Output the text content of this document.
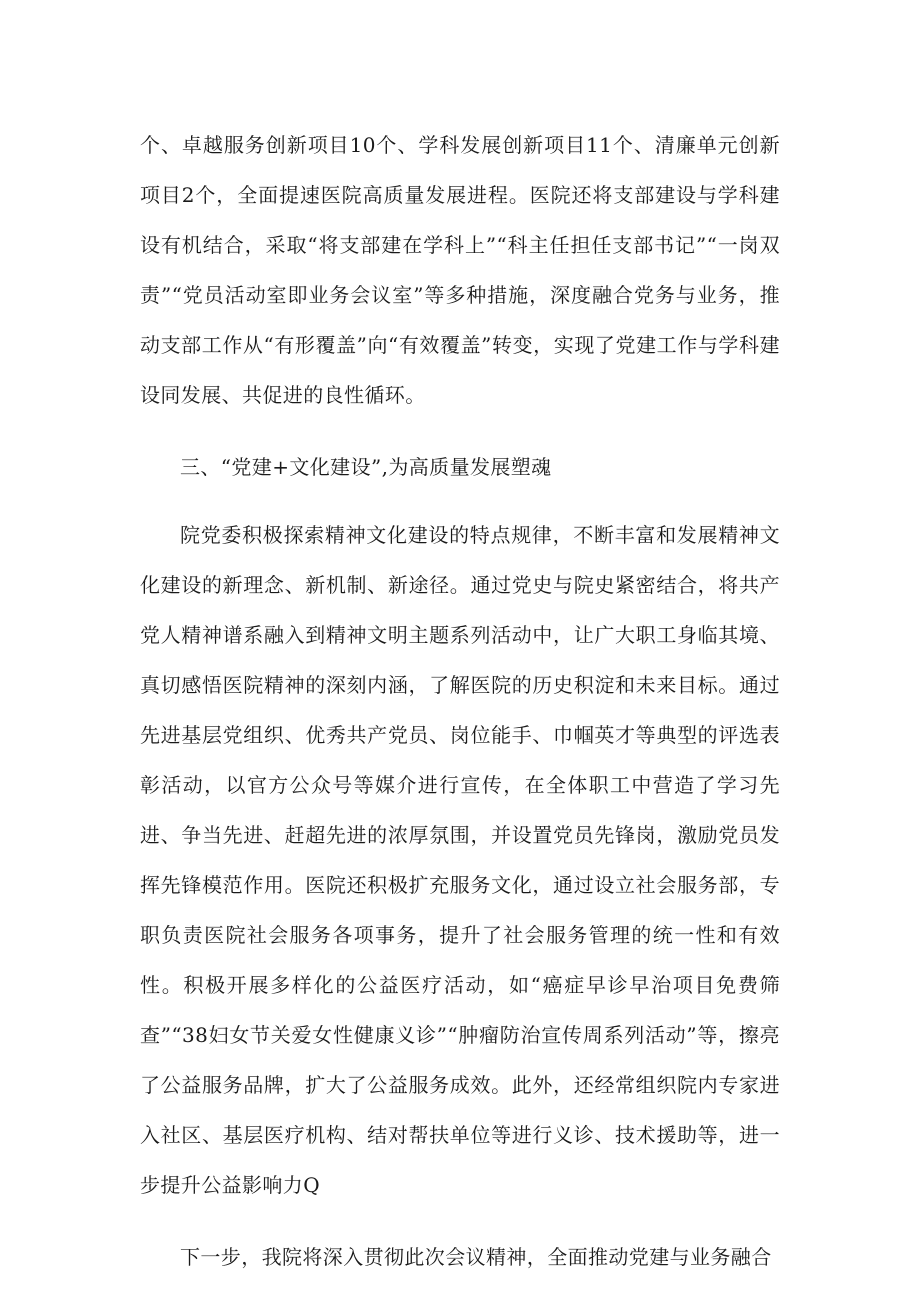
个、卓越服务创新项目10个、学科发展创新项目11个、清廉单元创新项目2个，全面提速医院高质量发展进程。医院还将支部建设与学科建设有机结合，采取“将支部建在学科上”“科主任担任支部书记”“一岗双责”“党员活动室即业务会议室”等多种措施，深度融合党务与业务，推动支部工作从“有形覆盖”向“有效覆盖”转变，实现了党建工作与学科建设同发展、共促进的良性循环。

三、“党建+文化建设”,为高质量发展塑魂

院党委积极探索精神文化建设的特点规律，不断丰富和发展精神文化建设的新理念、新机制、新途径。通过党史与院史紧密结合，将共产党人精神谱系融入到精神文明主题系列活动中，让广大职工身临其境、真切感悟医院精神的深刻内涵，了解医院的历史积淀和未来目标。通过先进基层党组织、优秀共产党员、岗位能手、巾帼英才等典型的评选表彰活动，以官方公众号等媒介进行宣传，在全体职工中营造了学习先进、争当先进、赶超先进的浓厚氛围，并设置党员先锋岗，激励党员发挥先锋模范作用。医院还积极扩充服务文化，通过设立社会服务部，专职负责医院社会服务各项事务，提升了社会服务管理的统一性和有效性。积极开展多样化的公益医疗活动，如“癌症早诊早治项目免费筛查”“38妇女节关爱女性健康义诊”“肿瘤防治宣传周系列活动”等，擦亮了公益服务品牌，扩大了公益服务成效。此外，还经常组织院内专家进入社区、基层医疗机构、结对帮扶单位等进行义诊、技术援助等，进一步提升公益影响力Q

下一步，我院将深入贯彻此次会议精神，全面推动党建与业务融合
